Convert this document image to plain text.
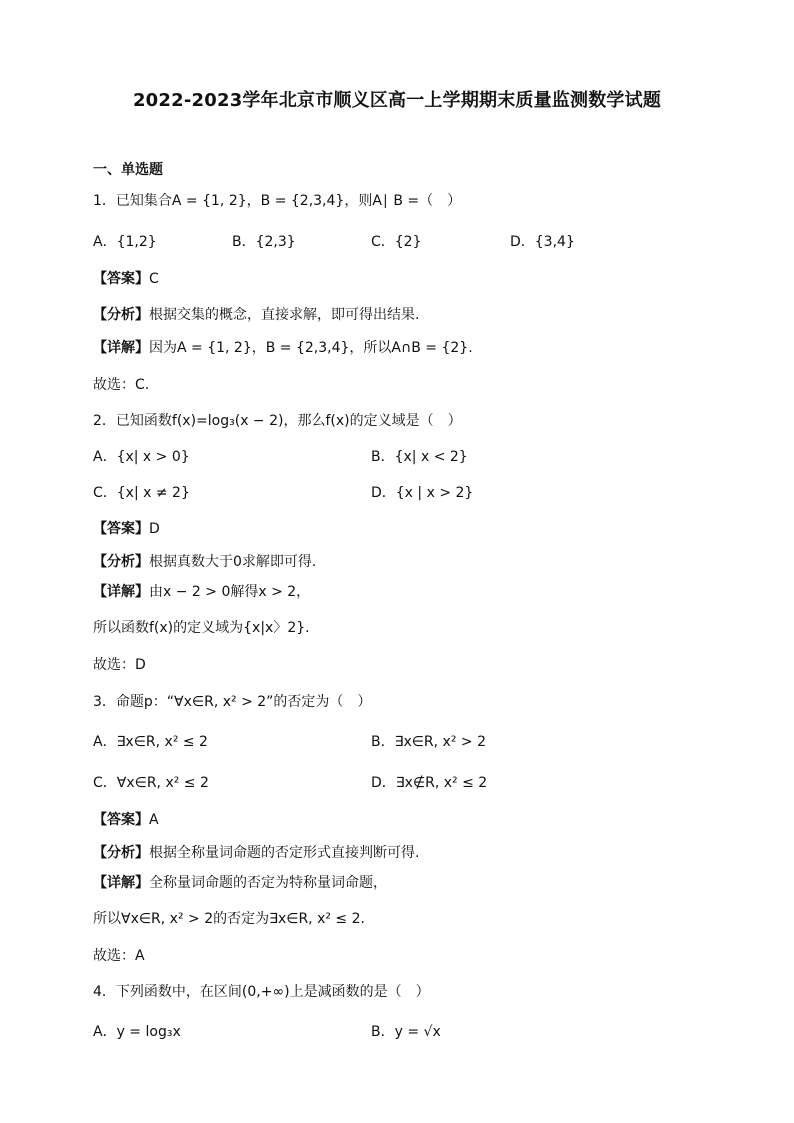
2022-2023学年北京市顺义区高一上学期期末质量监测数学试题
一、单选题
1．已知集合A = {1, 2}，B = {2,3,4}，则A∣ B =（　）
A．{1,2}	B．{2,3}	C．{2}	D．{3,4}
【答案】C
【分析】根据交集的概念，直接求解，即可得出结果.
【详解】因为A = {1, 2}，B = {2,3,4}，所以A∩B = {2}.
故选：C.
2．已知函数f(x)=log₃(x − 2)，那么f(x)的定义域是（　）
A．{x| x > 0}	B．{x| x < 2}
C．{x| x ≠ 2}	D．{x | x > 2}
【答案】D
【分析】根据真数大于0求解即可得.
【详解】由x − 2 > 0解得x > 2，
所以函数f(x)的定义域为{x|x〉2}.
故选：D
3．命题p：“∀x∈R, x² > 2”的否定为（　）
A．∃x∈R, x² ≤ 2	B．∃x∈R, x² > 2
C．∀x∈R, x² ≤ 2	D．∃x∉R, x² ≤ 2
【答案】A
【分析】根据全称量词命题的否定形式直接判断可得.
【详解】全称量词命题的否定为特称量词命题，
所以∀x∈R, x² > 2的否定为∃x∈R, x² ≤ 2.
故选：A
4．下列函数中，在区间(0,+∞)上是减函数的是（　）
A．y = log₃x	B．y = √x
